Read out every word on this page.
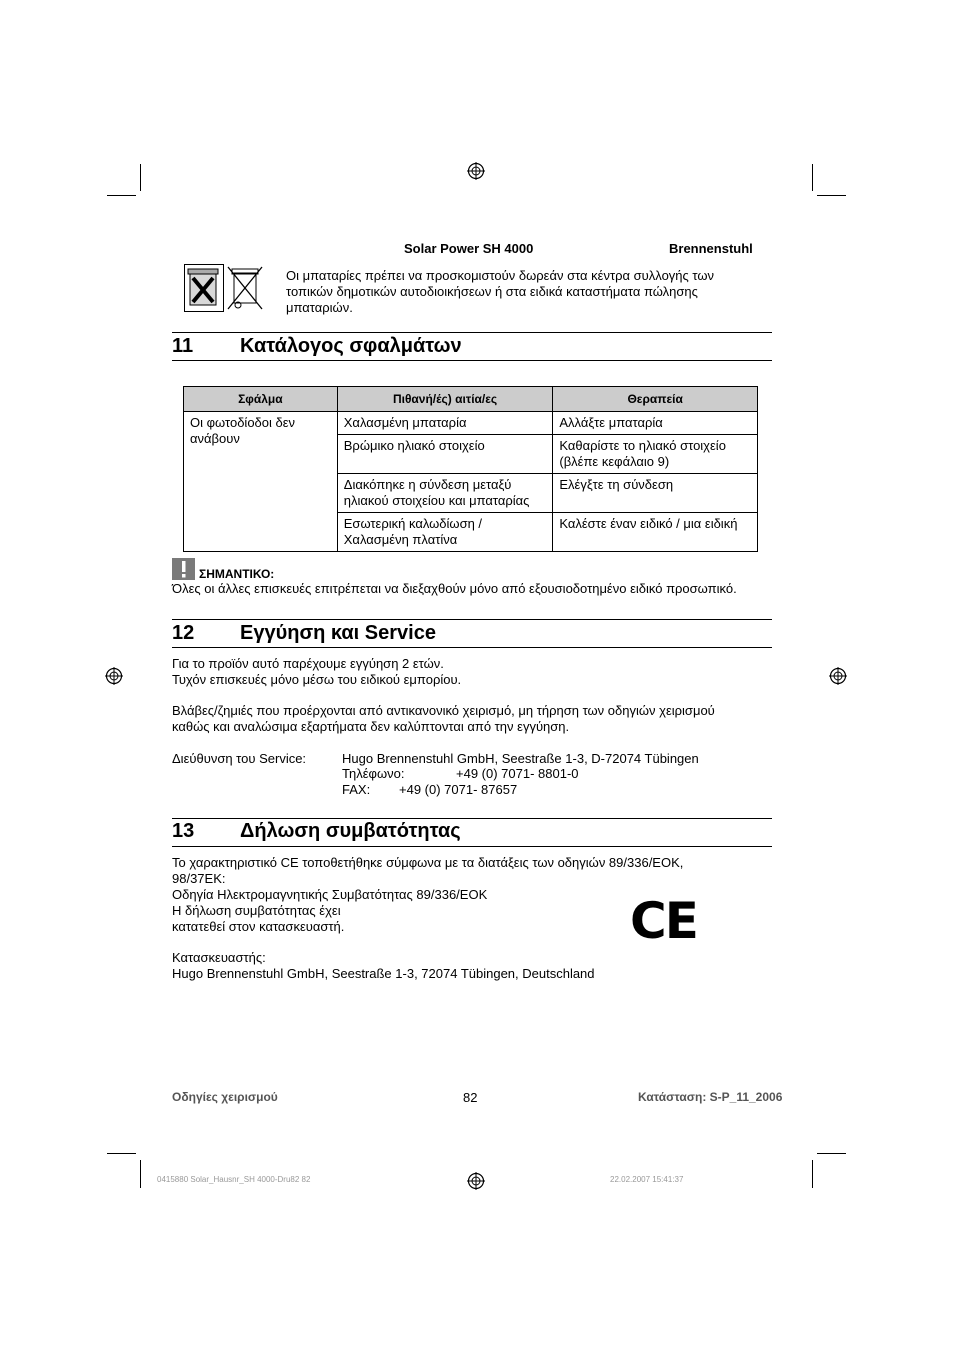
Solar Power SH 4000	Brennenstuhl
Οι μπαταρίες πρέπει να προσκομιστούν δωρεάν στα κέντρα συλλογής των
τοπικών δημοτικών αυτοδιοικήσεων ή στα ειδικά καταστήματα πώλησης
μπαταριών.
11 Κατάλογος σφαλμάτων
Σφάλμα	Πιθανή/ές) αιτία/ες	Θεραπεία

Οι φωτοδίοδοι δεν
ανάβουν	Χαλασμένη μπαταρία	Αλλάξτε μπαταρία

	Βρώμικο ηλιακό στοιχείο	Καθαρίστε το ηλιακό στοιχείο
(βλέπε κεφάλαιο 9)

	Διακόπηκε η σύνδεση μεταξύ
ηλιακού στοιχείου και μπαταρίας	Ελέγξτε τη σύνδεση

	Εσωτερική καλωδίωση /
Χαλασμένη πλατίνα	Καλέστε έναν ειδικό / μια ειδική
ΣΗΜΑΝΤΙΚΟ:
Όλες οι άλλες επισκευές επιτρέπεται να διεξαχθούν μόνο από εξουσιοδοτημένο ειδικό προσωπικό.
12 Εγγύηση και Service
Για το προϊόν αυτό παρέχουμε εγγύηση 2 ετών.
Τυχόν επισκευές μόνο μέσω του ειδικού εμπορίου.
Βλάβες/ζημιές που προέρχονται από αντικανονικό χειρισμό, μη τήρηση των οδηγιών χειρισμού
καθώς και αναλώσιμα εξαρτήματα δεν καλύπτονται από την εγγύηση.
Διεύθυνση του Service:	Hugo Brennenstuhl GmbH, Seestraße 1-3, D-72074 Tübingen
Τηλέφωνο:	+49 (0) 7071- 8801-0
FAX: +49 (0) 7071- 87657
13 Δήλωση συμβατότητας
Το χαρακτηριστικό CE τοποθετήθηκε σύμφωνα με τα διατάξεις των οδηγιών 89/336/ΕΟΚ,
98/37ΕΚ:
Οδηγία Ηλεκτρομαγνητικής Συμβατότητας 89/336/ΕΟΚ
Η δήλωση συμβατότητας έχει
κατατεθεί στον κατασκευαστή.	CE
Κατασκευαστής:
Hugo Brennenstuhl GmbH, Seestraße 1-3, 72074 Tübingen, Deutschland
Οδηγίες χειρισμού	82	Κατάσταση: S-P_11_2006
0415880 Solar_Hausnr_SH 4000-Dru82 82	22.02.2007 15:41:37
